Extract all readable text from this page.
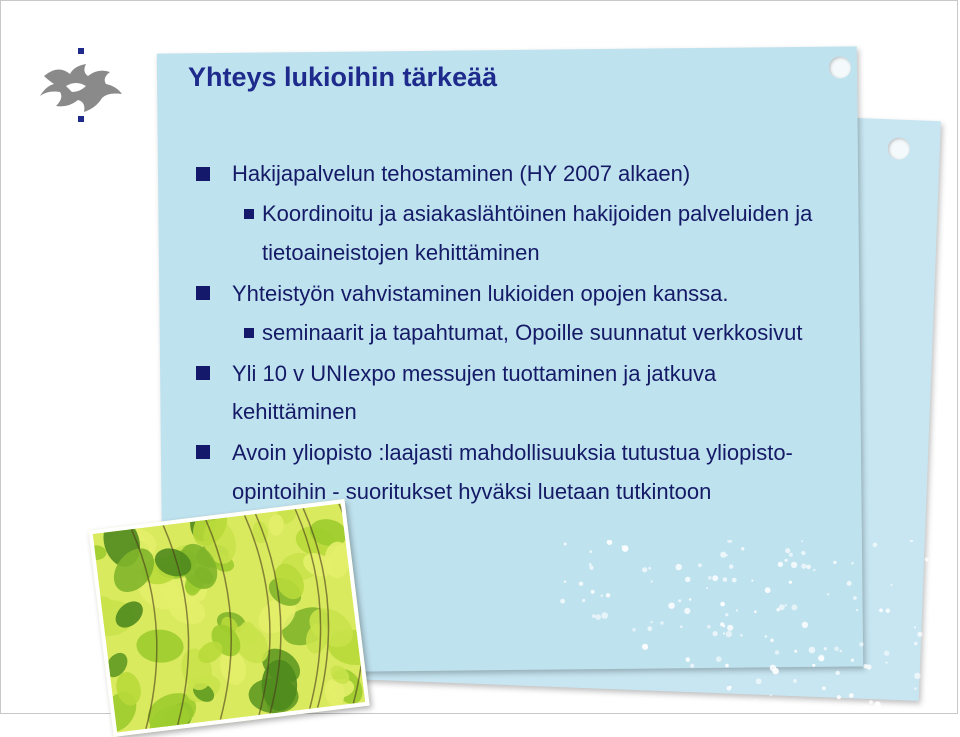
Yhteys lukioihin tärkeää
Hakijapalvelun tehostaminen (HY 2007 alkaen)
Koordinoitu ja asiakaslähtöinen hakijoiden palveluiden ja
tietoaineistojen kehittäminen
Yhteistyön vahvistaminen lukioiden opojen kanssa.
seminaarit ja tapahtumat, Opoille suunnatut verkkosivut
Yli 10 v UNIexpo messujen tuottaminen ja jatkuva
kehittäminen
Avoin yliopisto :laajasti mahdollisuuksia tutustua yliopisto-
opintoihin - suoritukset hyväksi luetaan tutkintoon
